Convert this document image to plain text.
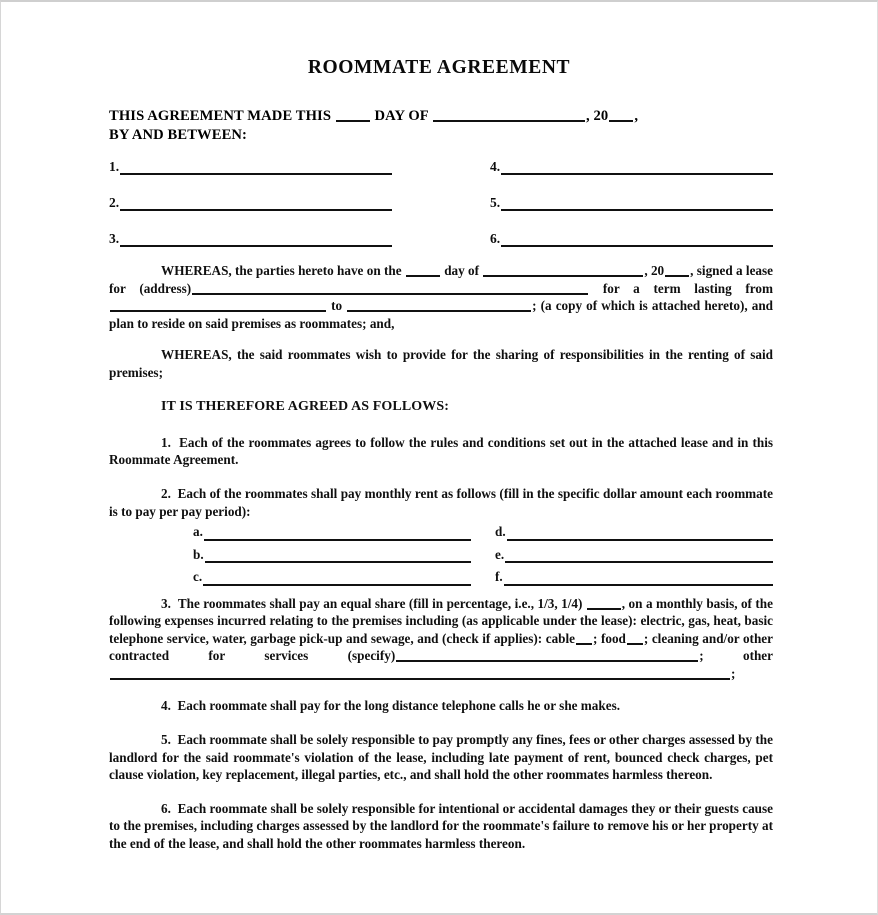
ROOMMATE AGREEMENT
THIS AGREEMENT MADE THIS  DAY OF	, 20 ,
BY AND BETWEEN:
1.	4.
2.	5.
3.	6.

WHEREAS, the parties hereto have on the	day of	, 20 , signed a lease for (address)	for a term lasting from  to	; (a copy of which is attached hereto), and plan to reside on said premises as roommates; and,

WHEREAS, the said roommates wish to provide for the sharing of responsibilities in the renting of said premises;

IT IS THEREFORE AGREED AS FOLLOWS:

1. Each of the roommates agrees to follow the rules and conditions set out in the attached lease and in this Roommate Agreement.

2. Each of the roommates shall pay monthly rent as follows (fill in the specific dollar amount each roommate is to pay per pay period):

a.	d.
b.	e.
c.	f.

3. The roommates shall pay an equal share (fill in percentage, i.e., 1/3, 1/4)	, on a monthly basis, of the following expenses incurred relating to the premises including (as applicable under the lease): electric, gas, heat, basic telephone service, water, garbage pick-up and sewage, and (check if applies): cable ; food ; cleaning and/or other contracted for services (specify)	;	other;

4. Each roommate shall pay for the long distance telephone calls he or she makes.

5. Each roommate shall be solely responsible to pay promptly any fines, fees or other charges assessed by the landlord for the said roommate's violation of the lease, including late payment of rent, bounced check charges, pet clause violation, key replacement, illegal parties, etc., and shall hold the other roommates harmless thereon.

6. Each roommate shall be solely responsible for intentional or accidental damages they or their guests cause to the premises, including charges assessed by the landlord for the roommate's failure to remove his or her property at the end of the lease, and shall hold the other roommates harmless thereon.
